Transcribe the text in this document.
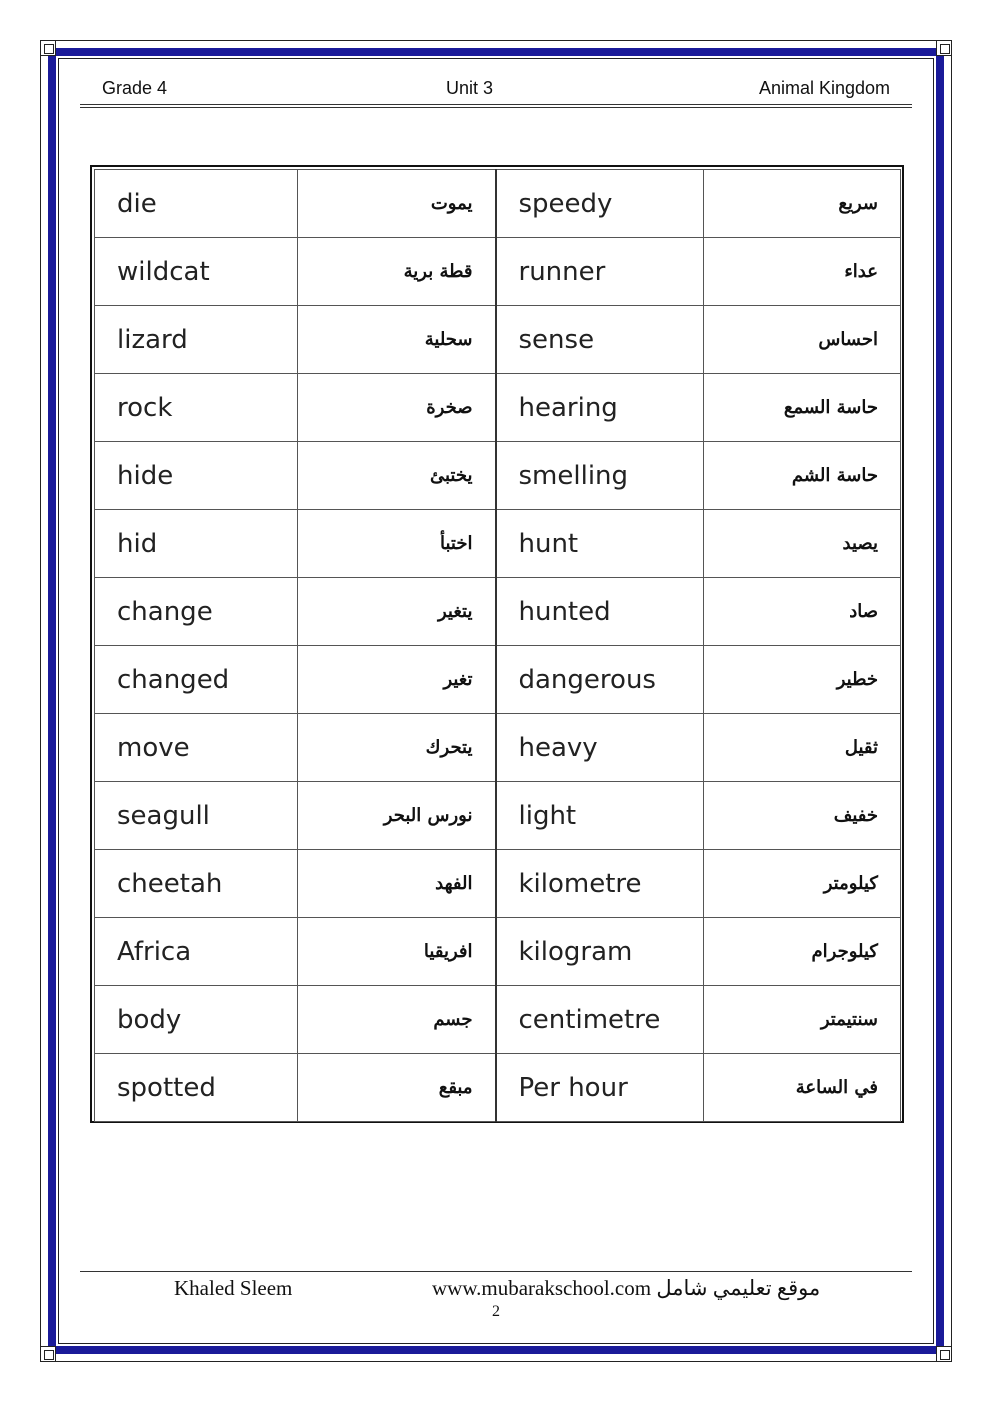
Grade 4	Unit 3	Animal Kingdom
die	يموت	speedy	سريع
wildcat	قطة برية	runner	عداء
lizard	سحلية	sense	احساس
rock	صخرة	hearing	حاسة السمع
hide	يختبئ	smelling	حاسة الشم
hid	اختبأ	hunt	يصيد
change	يتغير	hunted	صاد
changed	تغير	dangerous	خطير
move	يتحرك	heavy	ثقيل
seagull	نورس البحر	light	خفيف
cheetah	الفهد	kilometre	كيلومتر
Africa	افريقيا	kilogram	كيلوجرام
body	جسم	centimetre	سنتيمتر
spotted	مبقع	Per hour	في الساعة
Khaled Sleem	www.mubarakschool.com موقع تعليمي شامل
2
